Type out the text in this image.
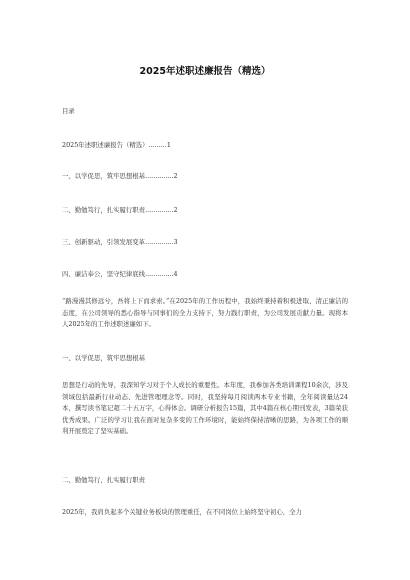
2025年述职述廉报告（精选）
目录
2025年述职述廉报告（精选）.........1
一、以学促思，筑牢思想根基..............2
二、勤勉笃行，扎实履行职责..............2
三、创新驱动，引领发展变革..............3
四、廉洁奉公，坚守纪律底线..............4
“路漫漫其修远兮，吾将上下而求索。”在2025年的工作历程中，我始终秉持着积极进取、清正廉洁的态度，在公司领导的悉心指导与同事们的全力支持下，努力践行职责，为公司发展贡献力量。现将本人2025年的工作述职述廉如下。
一、以学促思，筑牢思想根基
思想是行动的先导，我深知学习对于个人成长的重要性。本年度，我参加各类培训课程10余次，涉及领域包括最新行业动态、先进管理理念等。同时，我坚持每月阅读两本专业书籍，全年阅读量达24本，撰写读书笔记超二十五万字，心得体会。调研分析报告15篇，其中4篇在核心期刊发表，3篇荣获优秀成果。广泛的学习让我在面对复杂多变的工作环境时，能始终保持清晰的思路，为各项工作的顺利开展奠定了坚实基础。
二、勤勉笃行，扎实履行职责
2025年，我肩负起多个关键业务板块的管理重任，在不同岗位上始终坚守初心，全力
